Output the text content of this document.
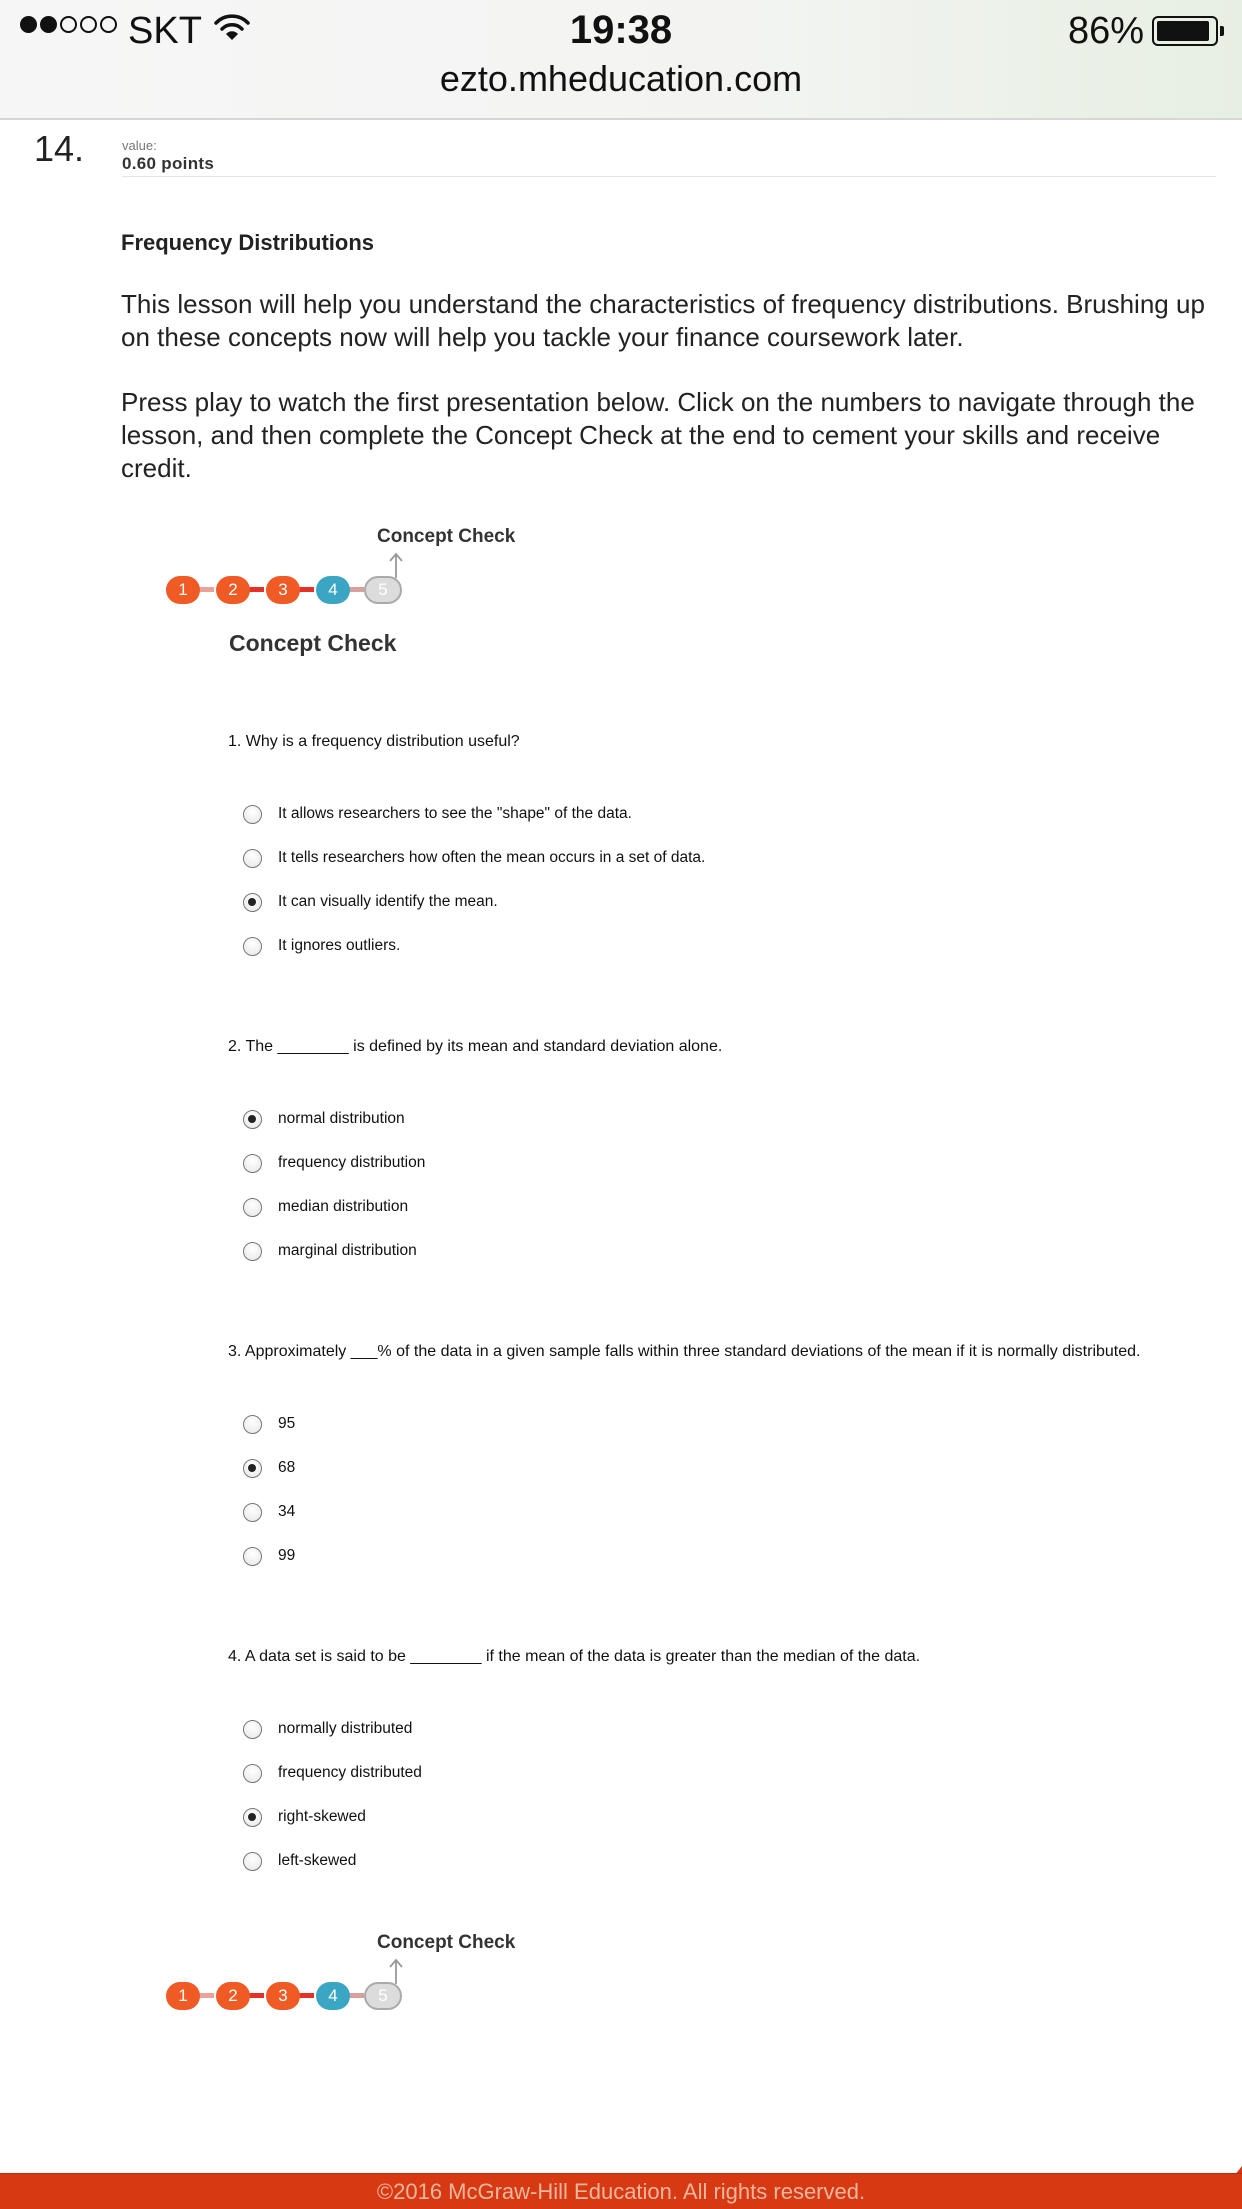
SKT	19:38	86%
ezto.mheducation.com
14.	value:
0.60 points
Frequency Distributions
This lesson will help you understand the characteristics of frequency distributions. Brushing up on these concepts now will help you tackle your finance coursework later.
Press play to watch the first presentation below. Click on the numbers to navigate through the lesson, and then complete the Concept Check at the end to cement your skills and receive credit.
Concept Check
1	2	3	4	5
Concept Check
1. Why is a frequency distribution useful?
It allows researchers to see the "shape" of the data.
It tells researchers how often the mean occurs in a set of data.
It can visually identify the mean.
It ignores outliers.
2. The ________ is defined by its mean and standard deviation alone.
normal distribution
frequency distribution
median distribution
marginal distribution
3. Approximately ___% of the data in a given sample falls within three standard deviations of the mean if it is normally distributed.
95
68
34
99
4. A data set is said to be ________ if the mean of the data is greater than the median of the data.
normally distributed
frequency distributed
right-skewed
left-skewed
Concept Check
1	2	3	4	5
©2016 McGraw-Hill Education. All rights reserved.
